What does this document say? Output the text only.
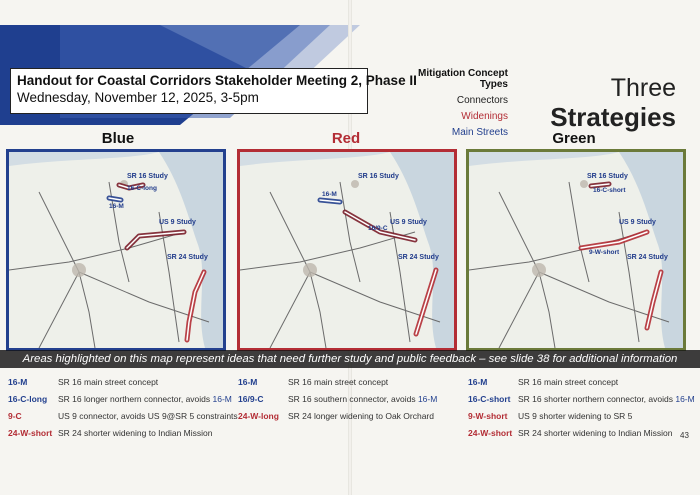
Handout for Coastal Corridors Stakeholder Meeting 2, Phase II
Wednesday, November 12, 2025, 3-5pm
Mitigation Concept Types
Connectors
Widenings
Main Streets
Three
Strategies
Blue	Red	Green
SR 16 Study
US 9 Study
SR 24 Study
16-C-long
16-M
SR 16 Study
US 9 Study
SR 24 Study
16-M
16/9-C
SR 16 Study
US 9 Study
SR 24 Study
16-C-short
9-W-short
Areas highlighted on this map represent ideas that need further study and public feedback – see slide 38 for additional information
16-M	SR 16 main street concept
16-C-long	SR 16 longer northern connector, avoids 16-M
9-C	US 9 connector, avoids US 9@SR 5 constraints
24-W-short SR 24 shorter widening to Indian Mission
16-M	SR 16 main street concept
16/9-C	SR 16 southern connector, avoids 16-M
24-W-long	SR 24 longer widening to Oak Orchard
16-M	SR 16 main street concept
16-C-short SR 16 shorter northern connector, avoids 16-M
9-W-short	US 9 shorter widening to SR 5
24-W-short SR 24 shorter widening to Indian Mission 43
